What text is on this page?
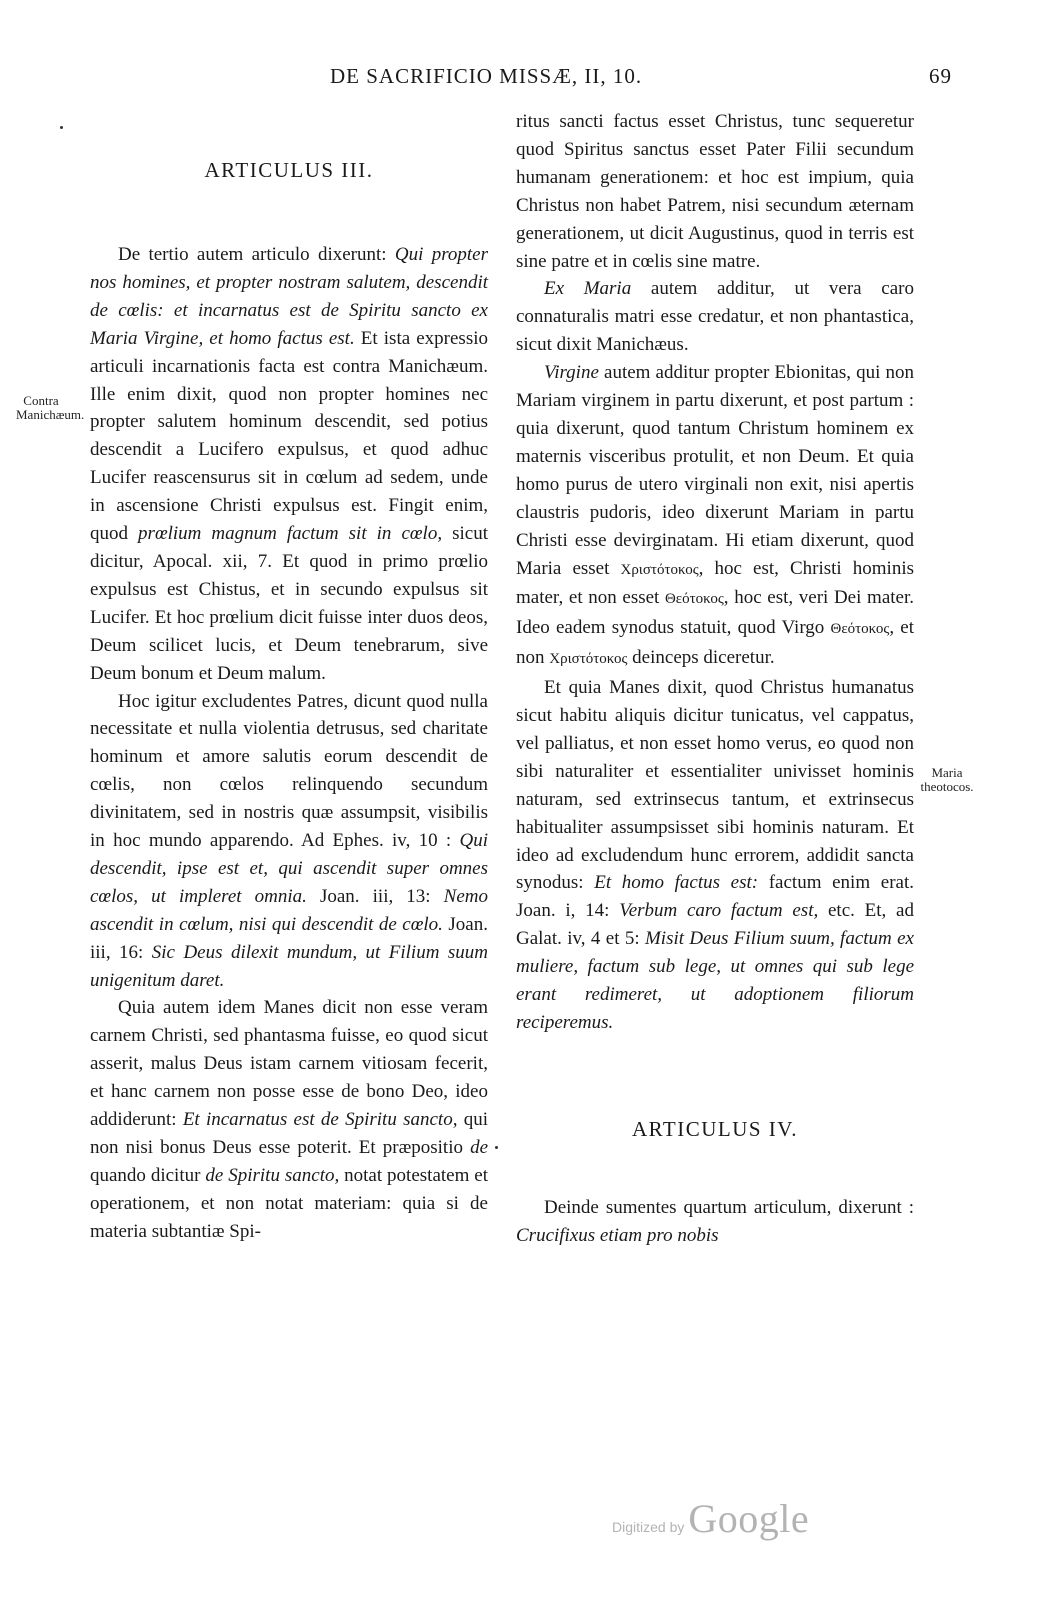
DE SACRIFICIO MISSÆ, II, 10.	69

ARTICULUS III.

De tertio autem articulo dixerunt: Qui propter nos homines, et propter nostram salutem, descendit de cœlis: et incarnatus est de Spiritu sancto ex Maria Virgine, et homo factus est. Et ista expressio articuli incarnationis facta est contra Manichæum. Ille enim dixit, quod non propter homines nec propter salutem hominum descendit, sed potius descendit a Lucifero expulsus, et quod adhuc Lucifer reascensurus sit in cœlum ad sedem, unde in ascensione Christi expulsus est. Fingit enim, quod prœlium magnum factum sit in cœlo, sicut dicitur, Apocal. xii, 7. Et quod in primo prœlio expulsus est Chistus, et in secundo expulsus sit Lucifer. Et hoc prœlium dicit fuisse inter duos deos, Deum scilicet lucis, et Deum tenebrarum, sive Deum bonum et Deum malum.

Hoc igitur excludentes Patres, dicunt quod nulla necessitate et nulla violentia detrusus, sed charitate hominum et amore salutis eorum descendit de cœlis, non cœlos relinquendo secundum divinitatem, sed in nostris quæ assumpsit, visibilis in hoc mundo apparendo. Ad Ephes. iv, 10 : Qui descendit, ipse est et, qui ascendit super omnes cœlos, ut impleret omnia. Joan. iii, 13: Nemo ascendit in cœlum, nisi qui descendit de cœlo. Joan. iii, 16: Sic Deus dilexit mundum, ut Filium suum unigenitum daret.

Quia autem idem Manes dicit non esse veram carnem Christi, sed phantasma fuisse, eo quod sicut asserit, malus Deus istam carnem vitiosam fecerit, et hanc carnem non posse esse de bono Deo, ideo addiderunt: Et incarnatus est de Spiritu sancto, qui non nisi bonus Deus esse poterit. Et præpositio de quando dicitur de Spiritu sancto, notat potestatem et operationem, et non notat materiam: quia si de materia subtantiæ Spi-

ritus sancti factus esset Christus, tunc sequeretur quod Spiritus sanctus esset Pater Filii secundum humanam generationem: et hoc est impium, quia Christus non habet Patrem, nisi secundum æternam generationem, ut dicit Augustinus, quod in terris est sine patre et in cœlis sine matre.

Ex Maria autem additur, ut vera caro connaturalis matri esse credatur, et non phantastica, sicut dixit Manichæus.

Virgine autem additur propter Ebionitas, qui non Mariam virginem in partu dixerunt, et post partum : quia dixerunt, quod tantum Christum hominem ex maternis visceribus protulit, et non Deum. Et quia homo purus de utero virginali non exit, nisi apertis claustris pudoris, ideo dixerunt Mariam in partu Christi esse devirginatam. Hi etiam dixerunt, quod Maria esset Χριστότοκος, hoc est, Christi hominis mater, et non esset Θεότοκος, hoc est, veri Dei mater. Ideo eadem synodus statuit, quod Virgo Θεότοκος, et non Χριστότοκος deinceps diceretur.

Et quia Manes dixit, quod Christus humanatus sicut habitu aliquis dicitur tunicatus, vel cappatus, vel palliatus, et non esset homo verus, eo quod non sibi naturaliter et essentialiter univisset hominis naturam, sed extrinsecus tantum, et extrinsecus habitualiter assumpsisset sibi hominis naturam. Et ideo ad excludendum hunc errorem, addidit sancta synodus: Et homo factus est: factum enim erat. Joan. i, 14: Verbum caro factum est, etc. Et, ad Galat. iv, 4 et 5: Misit Deus Filium suum, factum ex muliere, factum sub lege, ut omnes qui sub lege erant redimeret, ut adoptionem filiorum reciperemus.

ARTICULUS IV.

Deinde sumentes quartum articulum, dixerunt : Crucifixus etiam pro nobis

Contra Manichæum.
Maria theotocos.
Digitized by Google
